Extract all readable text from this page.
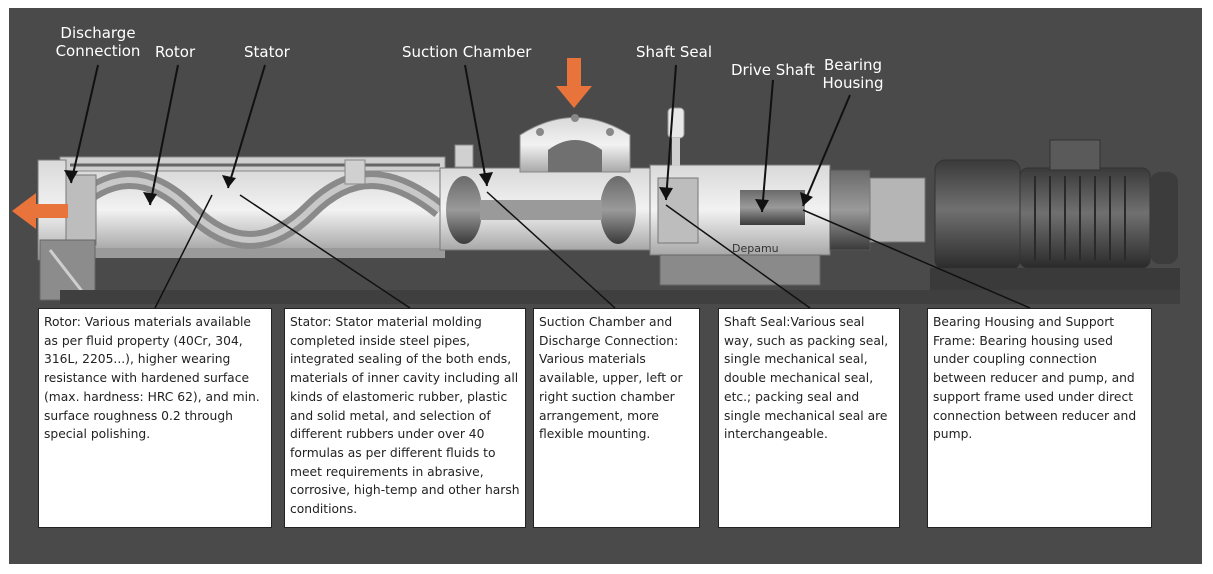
Depamu
Discharge
Connection Rotor	Stator	Suction Chamber	Shaft Seal
Drive Shaft Bearing
Housing
Rotor: Various materials available as per fluid property (40Cr, 304, 316L, 2205...), higher wearing resistance with hardened surface (max. hardness: HRC 62), and min. surface roughness 0.2 through special polishing.
Stator: Stator material molding completed inside steel pipes, integrated sealing of the both ends, materials of inner cavity including all kinds of elastomeric rubber, plastic and solid metal, and selection of different rubbers under over 40 formulas as per different fluids to meet requirements in abrasive, corrosive, high-temp and other harsh conditions.
Suction Chamber and Discharge Connection: Various materials available, upper, left or right suction chamber arrangement, more flexible mounting.
Shaft Seal:Various seal way, such as packing seal, single mechanical seal, double mechanical seal, etc.; packing seal and single mechanical seal are interchangeable.
Bearing Housing and Support Frame: Bearing housing used under coupling connection between reducer and pump, and support frame used under direct connection between reducer and pump.
